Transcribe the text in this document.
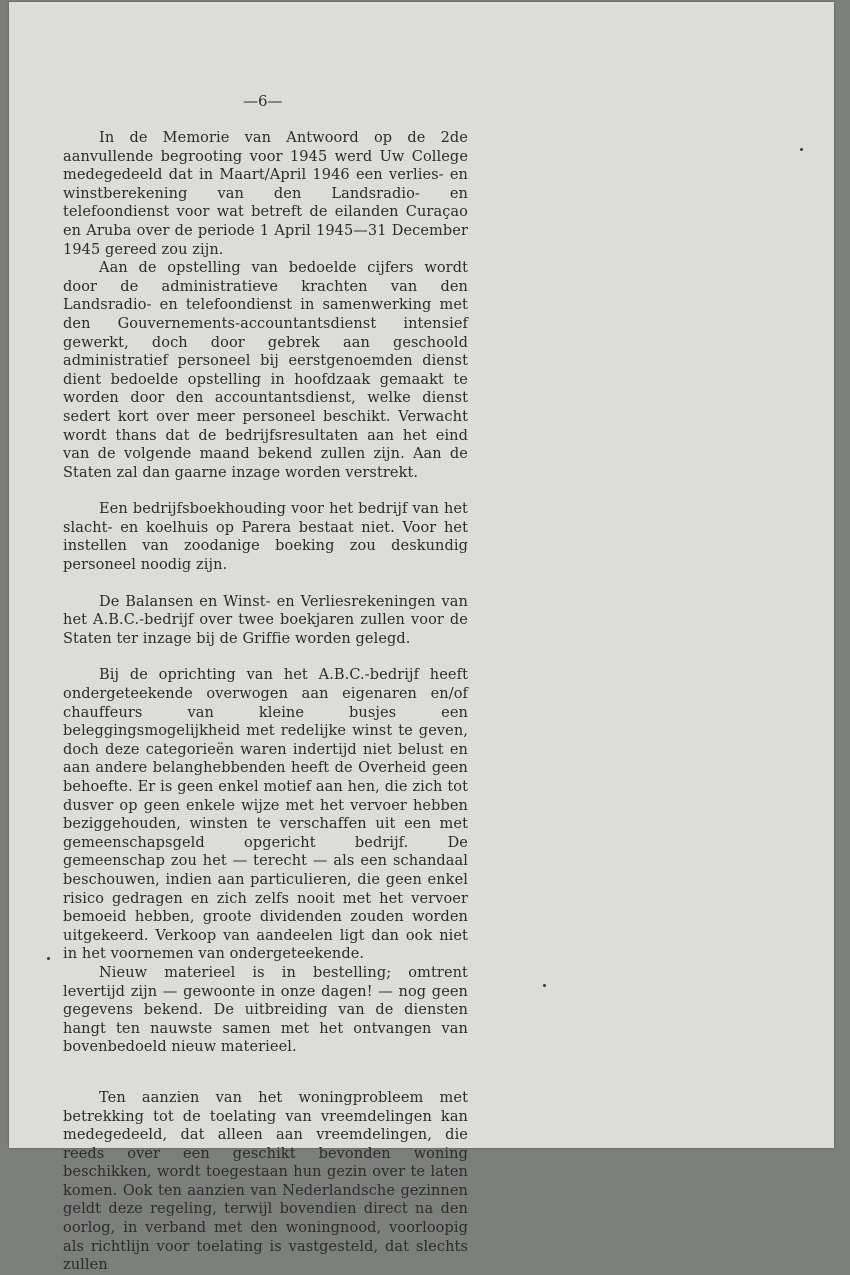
—6—

In de Memorie van Antwoord op de 2de aanvullende begrooting voor 1945 werd Uw College medegedeeld dat in Maart/April 1946 een verlies- en winstberekening van den Landsradio- en telefoondienst voor wat betreft de eilanden Curaçao en Aruba over de periode 1 April 1945—31 December 1945 gereed zou zijn.

Aan de opstelling van bedoelde cijfers wordt door de administratieve krachten van den Landsradio- en telefoondienst in samenwerking met den Gouvernements-accountantsdienst intensief gewerkt, doch door gebrek aan geschoold administratief personeel bij eerstgenoemden dienst dient bedoelde opstelling in hoofdzaak gemaakt te worden door den accountantsdienst, welke dienst sedert kort over meer personeel beschikt. Verwacht wordt thans dat de bedrijfsresultaten aan het eind van de volgende maand bekend zullen zijn. Aan de Staten zal dan gaarne inzage worden verstrekt.

Een bedrijfsboekhouding voor het bedrijf van het slacht- en koelhuis op Parera bestaat niet. Voor het instellen van zoodanige boeking zou deskundig personeel noodig zijn.

De Balansen en Winst- en Verliesrekeningen van het A.B.C.-bedrijf over twee boekjaren zullen voor de Staten ter inzage bij de Griffie worden gelegd.

Bij de oprichting van het A.B.C.-bedrijf heeft ondergeteekende overwogen aan eigenaren en/of chauffeurs van kleine busjes een beleggingsmogelijkheid met redelijke winst te geven, doch deze categorieën waren indertijd niet belust en aan andere belanghebbenden heeft de Overheid geen behoefte. Er is geen enkel motief aan hen, die zich tot dusver op geen enkele wijze met het vervoer hebben beziggehouden, winsten te verschaffen uit een met gemeenschapsgeld opgericht bedrijf. De gemeenschap zou het — terecht — als een schandaal beschouwen, indien aan particulieren, die geen enkel risico gedragen en zich zelfs nooit met het vervoer bemoeid hebben, groote dividenden zouden worden uitgekeerd. Verkoop van aandeelen ligt dan ook niet in het voornemen van ondergeteekende.

Nieuw materieel is in bestelling; omtrent levertijd zijn — gewoonte in onze dagen! — nog geen gegevens bekend. De uitbreiding van de diensten hangt ten nauwste samen met het ontvangen van bovenbedoeld nieuw materieel.

Ten aanzien van het woningprobleem met betrekking tot de toelating van vreemdelingen kan medegedeeld, dat alleen aan vreemdelingen, die reeds over een geschikt bevonden woning beschikken, wordt toegestaan hun gezin over te laten komen. Ook ten aanzien van Nederlandsche gezinnen geldt deze regeling, terwijl bovendien direct na den oorlog, in verband met den woningnood, voorloopig als richtlijn voor toelating is vastgesteld, dat slechts zullen
